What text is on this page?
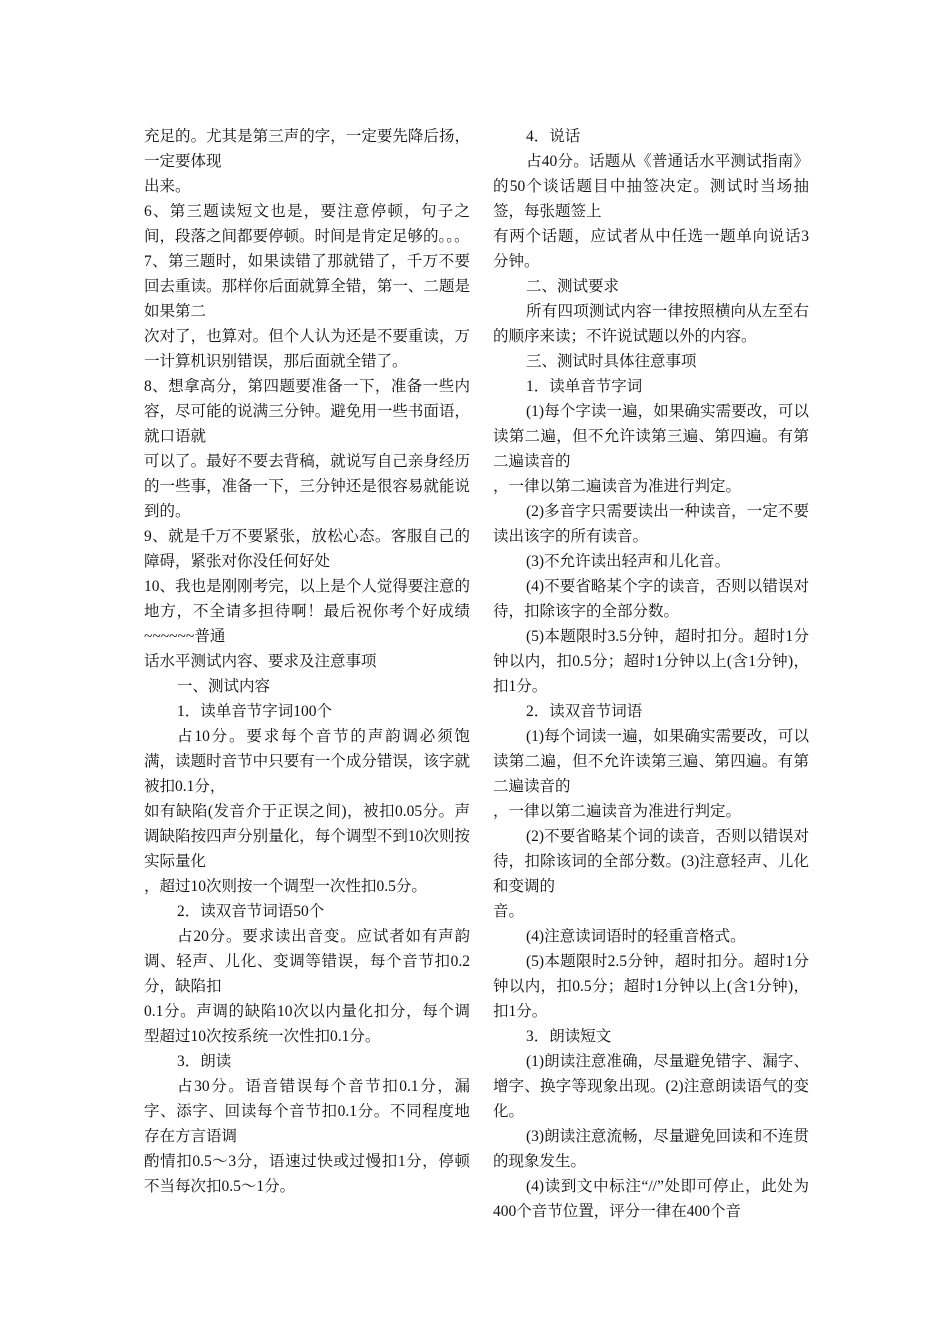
充足的。尤其是第三声的字，一定要先降后扬，一定要体现

出来。

6、第三题读短文也是，要注意停顿，句子之间，段落之间都要停顿。时间是肯定足够的。。。

7、第三题时，如果读错了那就错了，千万不要回去重读。那样你后面就算全错，第一、二题是如果第二

次对了，也算对。但个人认为还是不要重读，万一计算机识别错误，那后面就全错了。

8、想拿高分，第四题要准备一下，准备一些内容，尽可能的说满三分钟。避免用一些书面语，就口语就

可以了。最好不要去背稿，就说写自己亲身经历的一些事，准备一下，三分钟还是很容易就能说到的。

9、就是千万不要紧张，放松心态。客服自己的障碍，紧张对你没任何好处

10、我也是刚刚考完，以上是个人觉得要注意的地方，不全请多担待啊！最后祝你考个好成绩~~~~~~普通

话水平测试内容、要求及注意事项

一、测试内容

1．读单音节字词100个

占10分。要求每个音节的声韵调必须饱满，读题时音节中只要有一个成分错误，该字就被扣0.1分，

如有缺陷(发音介于正误之间)，被扣0.05分。声调缺陷按四声分别量化，每个调型不到10次则按实际量化

，超过10次则按一个调型一次性扣0.5分。

2．读双音节词语50个

占20分。要求读出音变。应试者如有声韵调、轻声、儿化、变调等错误，每个音节扣0.2分，缺陷扣

0.1分。声调的缺陷10次以内量化扣分，每个调型超过10次按系统一次性扣0.1分。

3．朗读

占30分。语音错误每个音节扣0.1分，漏字、添字、回读每个音节扣0.1分。不同程度地存在方言语调

酌情扣0.5～3分，语速过快或过慢扣1分，停顿不当每次扣0.5～1分。

4．说话

占40分。话题从《普通话水平测试指南》的50个谈话题目中抽签决定。测试时当场抽签，每张题签上

有两个话题，应试者从中任选一题单向说话3分钟。

二、测试要求

所有四项测试内容一律按照横向从左至右的顺序来读；不许说试题以外的内容。

三、测试时具体往意事项

1．读单音节字词

(1)每个字读一遍，如果确实需要改，可以读第二遍，但不允许读第三遍、第四遍。有第二遍读音的

，一律以第二遍读音为准进行判定。

(2)多音字只需要读出一种读音，一定不要读出该字的所有读音。

(3)不允许读出轻声和儿化音。

(4)不要省略某个字的读音，否则以错误对待，扣除该字的全部分数。

(5)本题限时3.5分钟，超时扣分。超时1分钟以内，扣0.5分；超时1分钟以上(含1分钟)，扣1分。

2．读双音节词语

(1)每个词读一遍，如果确实需要改，可以读第二遍，但不允许读第三遍、第四遍。有第二遍读音的

，一律以第二遍读音为准进行判定。

(2)不要省略某个词的读音，否则以错误对待，扣除该词的全部分数。(3)注意轻声、儿化和变调的

音。

(4)注意读词语时的轻重音格式。

(5)本题限时2.5分钟，超时扣分。超时1分钟以内，扣0.5分；超时1分钟以上(含1分钟)，扣1分。

3．朗读短文

(1)朗读注意准确，尽量避免错字、漏字、增字、换字等现象出现。(2)注意朗读语气的变化。

(3)朗读注意流畅，尽量避免回读和不连贯的现象发生。

(4)读到文中标注“//”处即可停止，此处为400个音节位置，评分一律在400个音
